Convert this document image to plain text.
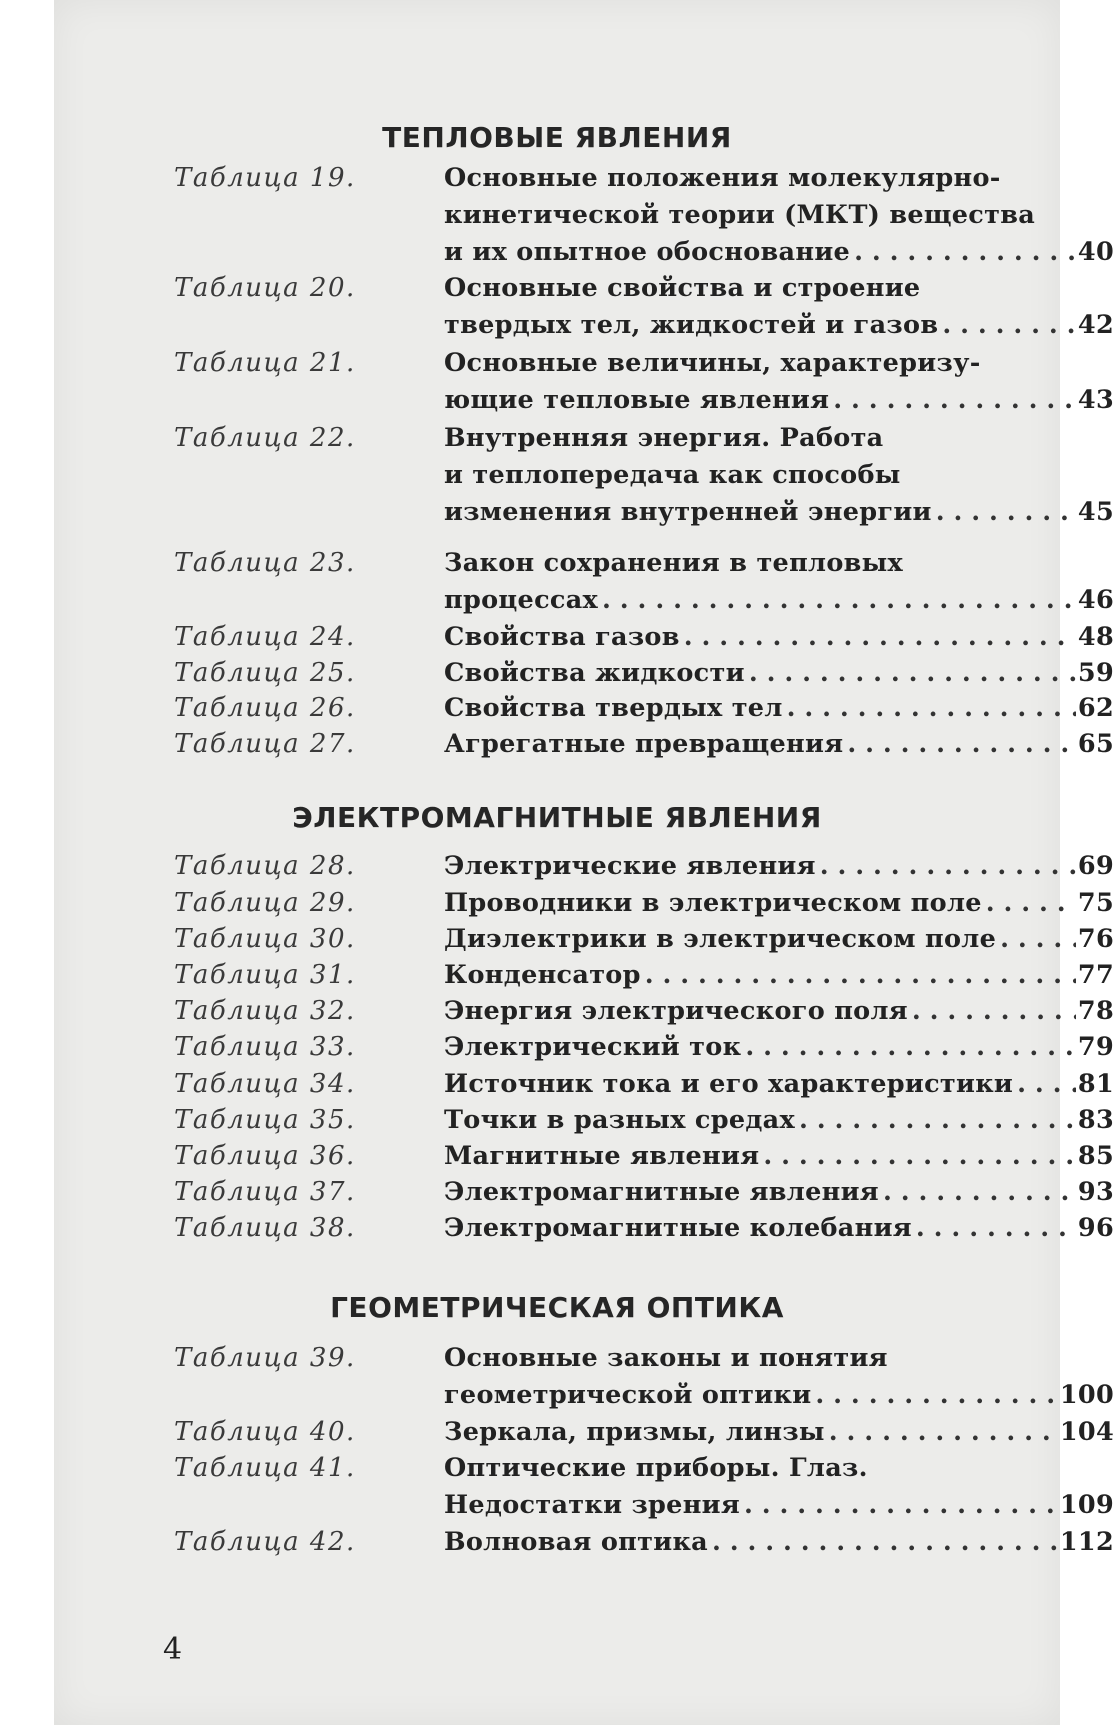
ТЕПЛОВЫЕ ЯВЛЕНИЯ
Таблица 19.	Основные положения молекулярно-
кинетической теории (МКТ) вещества
и их опытное обоснование . . .	40
Таблица 20.	Основные свойства и строение
твердых тел, жидкостей и газов . . .	42
Таблица 21.	Основные величины, характеризу-
ющие тепловые явления . . .	43
Таблица 22.	Внутренняя энергия. Работа
и теплопередача как способы
изменения внутренней энергии . . .	45
Таблица 23.	Закон сохранения в тепловых
процессах . . .	46
Таблица 24.	Свойства газов . . .	48
Таблица 25.	Свойства жидкости . . .	59
Таблица 26.	Свойства твердых тел . . .	62
Таблица 27.	Агрегатные превращения . . .	65
ЭЛЕКТРОМАГНИТНЫЕ ЯВЛЕНИЯ
Таблица 28.	Электрические явления . . .	69
Таблица 29.	Проводники в электрическом поле . . .	75
Таблица 30.	Диэлектрики в электрическом поле . . .	76
Таблица 31.	Конденсатор . . .	77
Таблица 32.	Энергия электрического поля . . .	78
Таблица 33.	Электрический ток . . .	79
Таблица 34.	Источник тока и его характеристики . . .	81
Таблица 35.	Точки в разных средах . . .	83
Таблица 36.	Магнитные явления . . .	85
Таблица 37.	Электромагнитные явления . . .	93
Таблица 38.	Электромагнитные колебания . . .	96
ГЕОМЕТРИЧЕСКАЯ ОПТИКА
Таблица 39.	Основные законы и понятия
геометрической оптики . . .	100
Таблица 40.	Зеркала, призмы, линзы . . .	104
Таблица 41.	Оптические приборы. Глаз.
Недостатки зрения . . .	109
Таблица 42.	Волновая оптика . . .	112
4
